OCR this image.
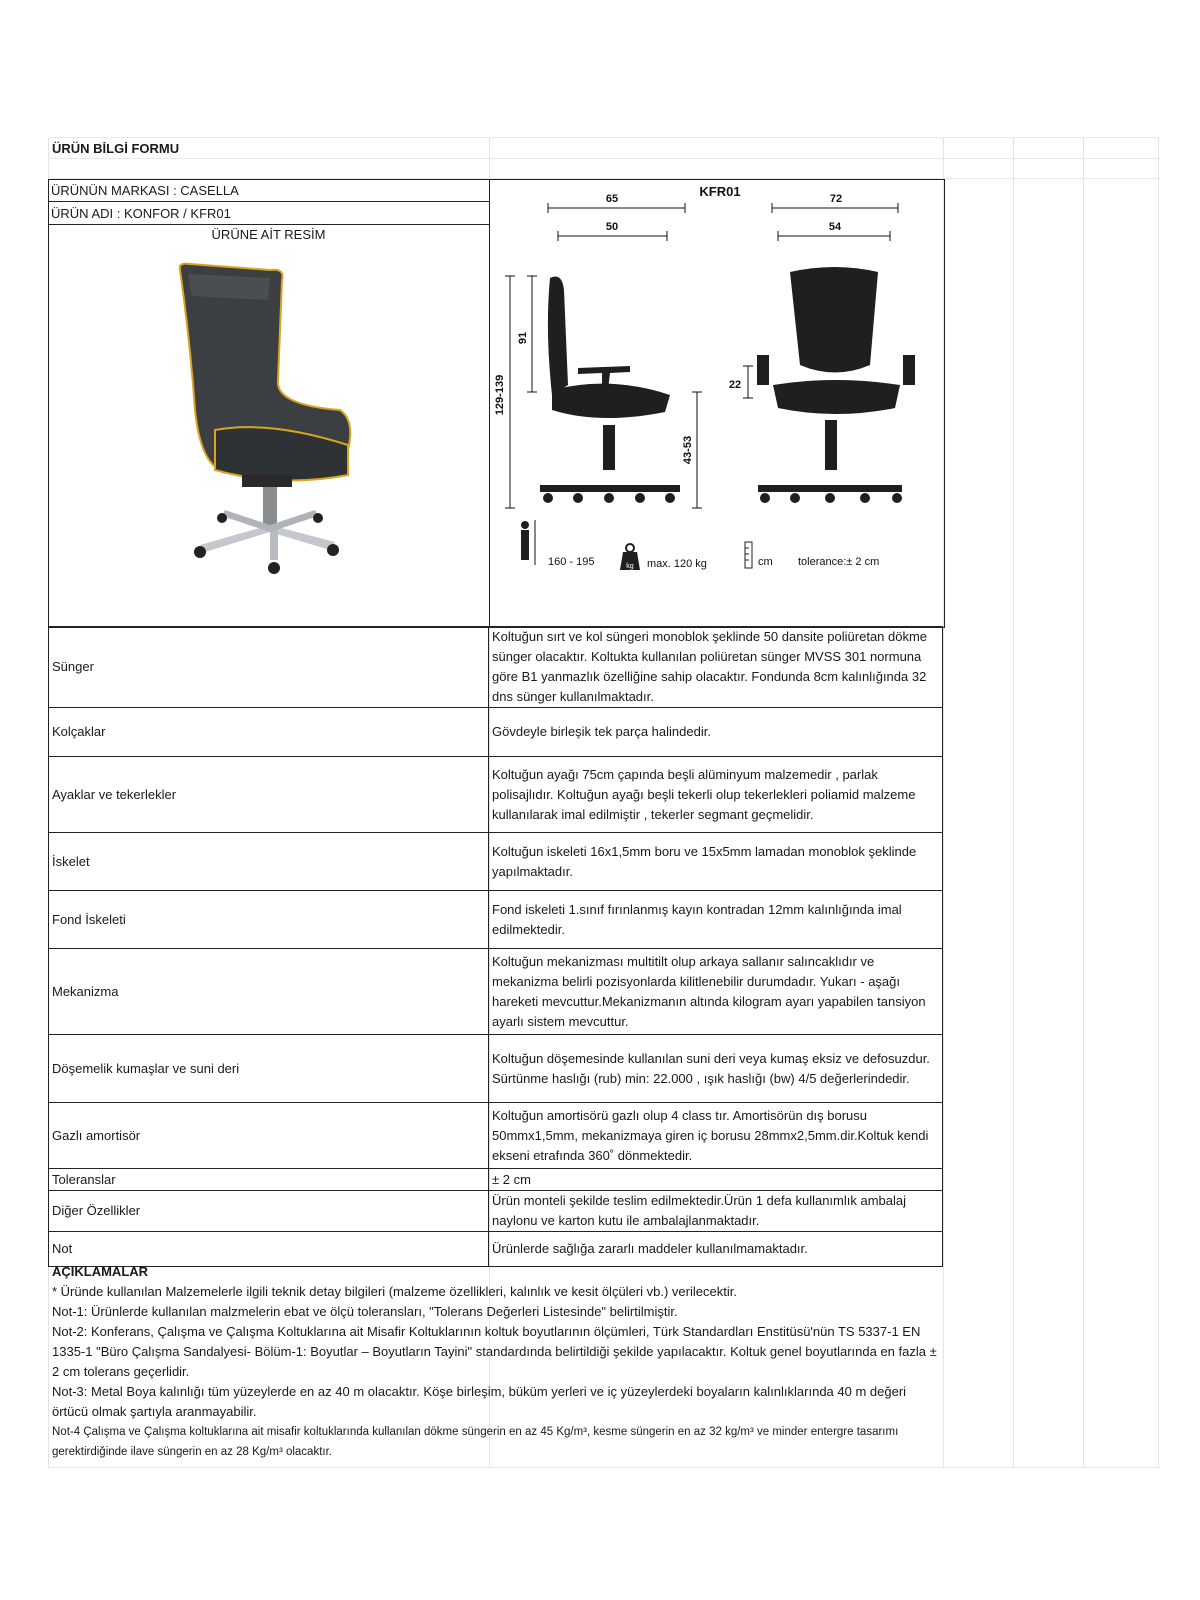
ÜRÜN BİLGİ FORMU
ÜRÜNÜN MARKASI : CASELLA
ÜRÜN ADI : KONFOR / KFR01
ÜRÜNE AİT RESİM
KFR01
65
50
72
54
129-139
91
43-53
22
160 - 195	kg max. 120 kg	cm tolerance:± 2 cm
Sünger	Koltuğun sırt ve kol süngeri monoblok şeklinde 50 dansite poliüretan dökme sünger olacaktır. Koltukta kullanılan poliüretan sünger MVSS 301 normuna göre B1 yanmazlık özelliğine sahip olacaktır. Fondunda 8cm kalınlığında 32 dns sünger kullanılmaktadır.
Kolçaklar	Gövdeyle birleşik tek parça halindedir.
Ayaklar ve tekerlekler	Koltuğun ayağı 75cm çapında beşli alüminyum malzemedir , parlak polisajlıdır. Koltuğun ayağı beşli tekerli olup tekerlekleri poliamid malzeme kullanılarak imal edilmiştir , tekerler segmant geçmelidir.
İskelet	Koltuğun iskeleti 16x1,5mm boru ve 15x5mm lamadan monoblok şeklinde yapılmaktadır.
Fond İskeleti	Fond iskeleti 1.sınıf fırınlanmış kayın kontradan 12mm kalınlığında imal edilmektedir.
Mekanizma	Koltuğun mekanizması multitilt olup arkaya sallanır salıncaklıdır ve mekanizma belirli pozisyonlarda kilitlenebilir durumdadır. Yukarı - aşağı hareketi mevcuttur.Mekanizmanın altında kilogram ayarı yapabilen tansiyon ayarlı sistem mevcuttur.
Döşemelik kumaşlar ve suni deri	Koltuğun döşemesinde kullanılan suni deri veya kumaş eksiz ve defosuzdur. Sürtünme haslığı (rub) min: 22.000 , ışık haslığı (bw) 4/5 değerlerindedir.
Gazlı amortisör	Koltuğun amortisörü gazlı olup 4 class tır. Amortisörün dış borusu 50mmx1,5mm, mekanizmaya giren iç borusu 28mmx2,5mm.dir.Koltuk kendi ekseni etrafında 360˚ dönmektedir.
Toleranslar	± 2 cm
Diğer Özellikler	Ürün monteli şekilde teslim edilmektedir.Ürün 1 defa kullanımlık ambalaj naylonu ve karton kutu ile ambalajlanmaktadır.
Not	Ürünlerde sağlığa zararlı maddeler kullanılmamaktadır.
AÇIKLAMALAR
* Üründe kullanılan Malzemelerle ilgili teknik detay bilgileri (malzeme özellikleri, kalınlık ve kesit ölçüleri vb.) verilecektir.
Not-1: Ürünlerde kullanılan malzmelerin ebat ve ölçü toleransları, "Tolerans Değerleri Listesinde" belirtilmiştir.
Not-2: Konferans, Çalışma ve Çalışma Koltuklarına ait Misafir Koltuklarının koltuk boyutlarının ölçümleri, Türk Standardları Enstitüsü'nün TS 5337-1 EN 1335-1 "Büro Çalışma Sandalyesi- Bölüm-1: Boyutlar – Boyutların Tayini" standardında belirtildiği şekilde yapılacaktır. Koltuk genel boyutlarında en fazla ± 2 cm tolerans geçerlidir.
Not-3: Metal Boya kalınlığı tüm yüzeylerde en az 40 m olacaktır. Köşe birleşim, büküm yerleri ve iç yüzeylerdeki boyaların kalınlıklarında 40 m değeri örtücü olmak şartıyla aranmayabilir.
Not-4 Çalışma ve Çalışma koltuklarına ait misafir koltuklarında kullanılan dökme süngerin en az 45 Kg/m³, kesme süngerin en az 32 kg/m³ ve minder entergre tasarımı gerektirdiğinde ilave süngerin en az 28 Kg/m³ olacaktır.
